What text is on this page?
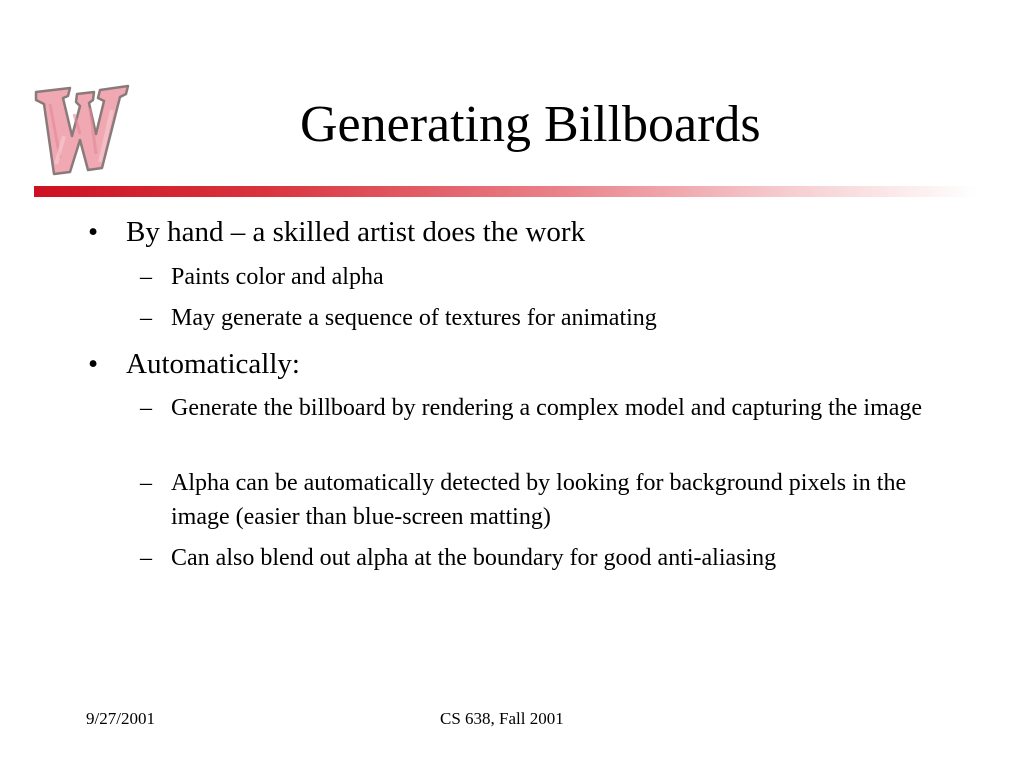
Generating Billboards
• By hand – a skilled artist does the work
– Paints color and alpha
– May generate a sequence of textures for animating
• Automatically:
– Generate the billboard by rendering a complex model and capturing the image
– Alpha can be automatically detected by looking for background pixels in the image (easier than blue-screen matting)
– Can also blend out alpha at the boundary for good anti-aliasing
9/27/2001	CS 638, Fall 2001
